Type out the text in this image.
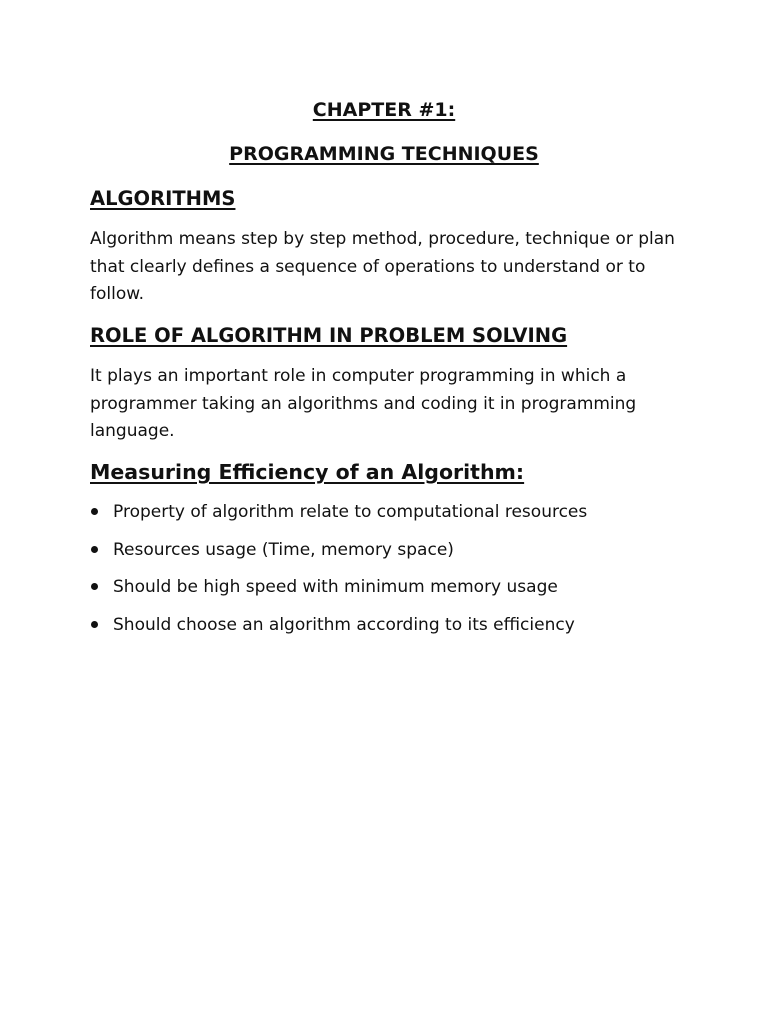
CHAPTER #1:
PROGRAMMING TECHNIQUES
ALGORITHMS

Algorithm means step by step method, procedure, technique or plan
that clearly defines a sequence of operations to understand or to
follow.

ROLE OF ALGORITHM IN PROBLEM SOLVING

It plays an important role in computer programming in which a
programmer taking an algorithms and coding it in programming
language.

Measuring Efficiency of an Algorithm:
Property of algorithm relate to computational resources
Resources usage (Time, memory space)
Should be high speed with minimum memory usage
Should choose an algorithm according to its efficiency
